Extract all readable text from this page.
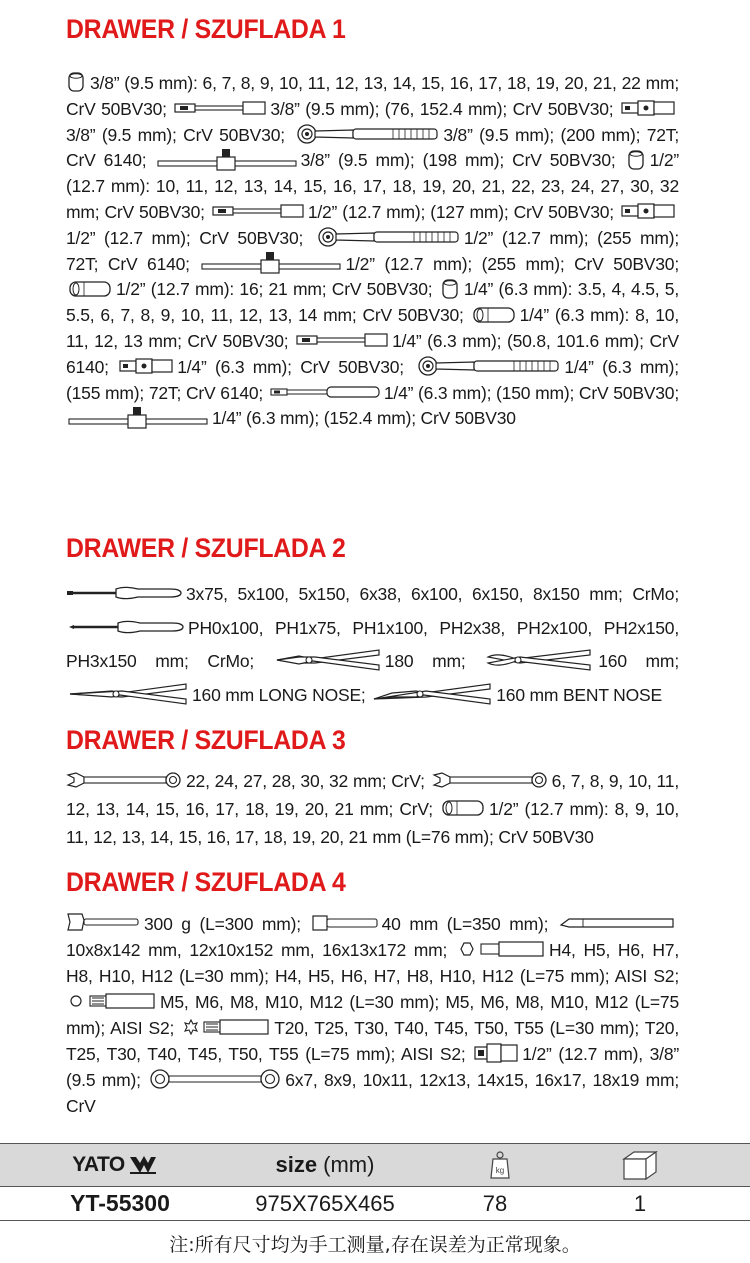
DRAWER / SZUFLADA 1
3/8” (9.5 mm): 6, 7, 8, 9, 10, 11, 12, 13, 14, 15, 16, 17, 18, 19, 20, 21, 22 mm; CrV 50BV30;	3/8” (9.5 mm); (76, 152.4 mm); CrV 50BV30;
3/8” (9.5 mm); CrV 50BV30;	3/8” (9.5 mm); (200 mm); 72T; CrV 6140;	3/8” (9.5 mm); (198 mm); CrV 50BV30; 1/2” (12.7 mm): 10, 11, 12, 13, 14, 15, 16, 17, 18, 19, 20, 21, 22, 23, 24, 27, 30, 32 mm; CrV 50BV30;	1/2” (12.7 mm); (127 mm); CrV 50BV30;
1/2” (12.7 mm); CrV 50BV30;	1/2” (12.7 mm); (255 mm); 72T; CrV 6140;	1/2” (12.7 mm); (255 mm); CrV 50BV30;
1/2” (12.7 mm): 16; 21 mm; CrV 50BV30; 1/4” (6.3 mm): 3.5, 4, 4.5, 5, 5.5, 6, 7, 8, 9, 10, 11, 12, 13, 14 mm; CrV 50BV30;	1/4” (6.3 mm): 8, 10, 11, 12, 13 mm; CrV 50BV30;	1/4” (6.3 mm); (50.8, 101.6 mm); CrV 6140;	1/4” (6.3 mm); CrV 50BV30;	1/4” (6.3 mm); (155 mm); 72T; CrV 6140;	1/4” (6.3 mm); (150 mm); CrV 50BV30;
1/4” (6.3 mm); (152.4 mm); CrV 50BV30
DRAWER / SZUFLADA 2
3x75, 5x100, 5x150, 6x38, 6x100, 6x150, 8x150 mm; CrMo;
PH0x100, PH1x75, PH1x100, PH2x38, PH2x100, PH2x150, PH3x150 mm; CrMo;	180 mm;	160 mm;
160 mm LONG NOSE;	160 mm BENT NOSE
DRAWER / SZUFLADA 3
22, 24, 27, 28, 30, 32 mm; CrV;	6, 7, 8, 9, 10, 11, 12, 13, 14, 15, 16, 17, 18, 19, 20, 21 mm; CrV;	1/2” (12.7 mm): 8, 9, 10, 11, 12, 13, 14, 15, 16, 17, 18, 19, 20, 21 mm (L=76 mm); CrV 50BV30
DRAWER / SZUFLADA 4
300 g (L=300 mm);	40 mm (L=350 mm);
10x8x142 mm, 12x10x152 mm, 16x13x172 mm;	H4, H5, H6, H7, H8, H10, H12 (L=30 mm); H4, H5, H6, H7, H8, H10, H12 (L=75 mm); AISI S2;
M5, M6, M8, M10, M12 (L=30 mm); M5, M6, M8, M10, M12 (L=75 mm); AISI S2;	T20, T25, T30, T40, T45, T50, T55 (L=30 mm); T20, T25, T30, T40, T45, T50, T55 (L=75 mm); AISI S2;	1/2” (12.7 mm), 3/8” (9.5 mm);	6x7, 8x9, 10x11, 12x13, 14x15, 16x17, 18x19 mm; CrV
YATO	size (mm)	kg
YT-55300	975X765X465	78	1
注:所有尺寸均为手工测量,存在误差为正常现象。
